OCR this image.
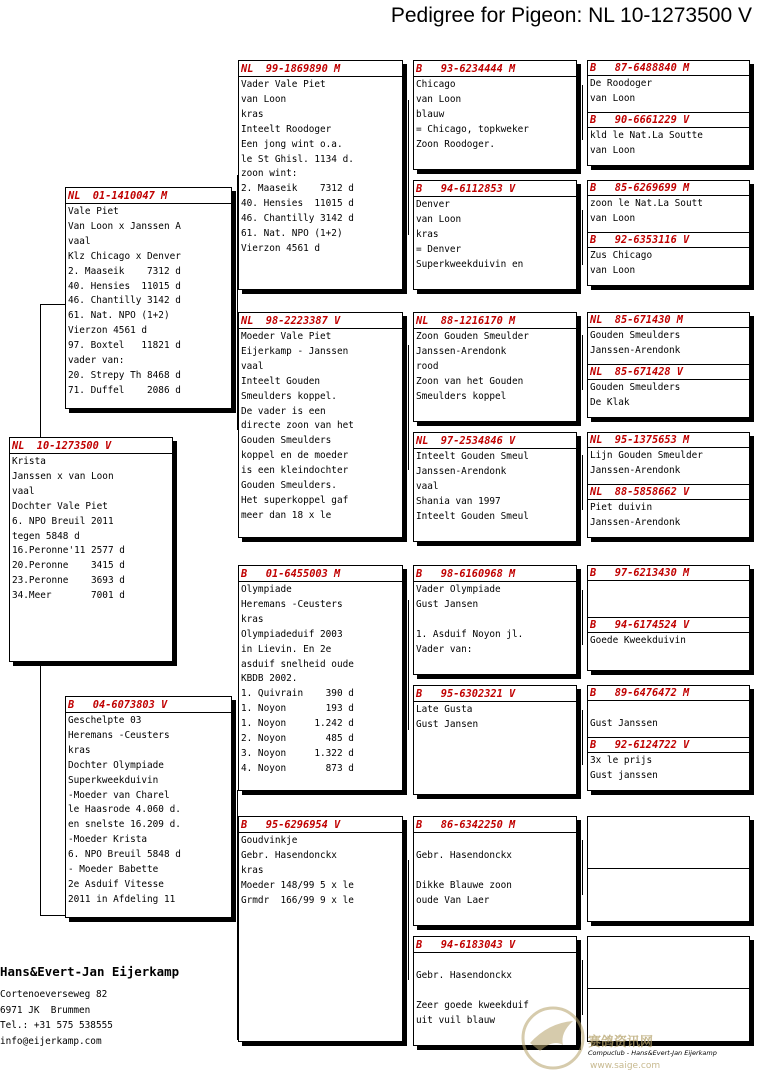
Pedigree for Pigeon: NL 10-1273500 V
NL  10-1273500 V
Krista
Janssen x van Loon
vaal
Dochter Vale Piet
6. NPO Breuil 2011
tegen 5848 d
16.Peronne'11 2577 d
20.Peronne    3415 d
23.Peronne    3693 d
34.Meer       7001 d
NL  01-1410047 M
Vale Piet
Van Loon x Janssen A
vaal
Klz Chicago x Denver
2. Maaseik    7312 d
40. Hensies  11015 d
46. Chantilly 3142 d
61. Nat. NPO (1+2)
Vierzon 4561 d
97. Boxtel   11821 d
vader van:
20. Strepy Th 8468 d
71. Duffel    2086 d
B   04-6073803 V
Geschelpte 03
Heremans -Ceusters
kras
Dochter Olympiade
Superkweekduivin
-Moeder van Charel
le Haasrode 4.060 d.
en snelste 16.209 d.
-Moeder Krista
6. NPO Breuil 5848 d
- Moeder Babette
2e Asduif Vitesse
2011 in Afdeling 11
NL  99-1869890 M
Vader Vale Piet
van Loon
kras
Inteelt Roodoger
Een jong wint o.a.
le St Ghisl. 1134 d.
zoon wint:
2. Maaseik    7312 d
40. Hensies  11015 d
46. Chantilly 3142 d
61. Nat. NPO (1+2)
Vierzon 4561 d
NL  98-2223387 V
Moeder Vale Piet
Eijerkamp - Janssen
vaal
Inteelt Gouden
Smeulders koppel.
De vader is een
directe zoon van het
Gouden Smeulders
koppel en de moeder
is een kleindochter
Gouden Smeulders.
Het superkoppel gaf
meer dan 18 x le
B   01-6455003 M
Olympiade
Heremans -Ceusters
kras
Olympiadeduif 2003
in Lievin. En 2e
asduif snelheid oude
KBDB 2002.
1. Quivrain    390 d
1. Noyon       193 d
1. Noyon     1.242 d
2. Noyon       485 d
3. Noyon     1.322 d
4. Noyon       873 d
B   95-6296954 V
Goudvinkje
Gebr. Hasendonckx
kras
Moeder 148/99 5 x le
Grmdr  166/99 9 x le
B   93-6234444 M
Chicago
van Loon
blauw
= Chicago, topkweker
Zoon Roodoger.
B   94-6112853 V
Denver
van Loon
kras
= Denver
Superkweekduivin en
NL  88-1216170 M
Zoon Gouden Smeulder
Janssen-Arendonk
rood
Zoon van het Gouden
Smeulders koppel
NL  97-2534846 V
Inteelt Gouden Smeul
Janssen-Arendonk
vaal
Shania van 1997
Inteelt Gouden Smeul
B   98-6160968 M
Vader Olympiade
Gust Jansen

1. Asduif Noyon jl.
Vader van:
B   95-6302321 V
Late Gusta
Gust Jansen
B   86-6342250 M

Gebr. Hasendonckx

Dikke Blauwe zoon
oude Van Laer
B   94-6183043 V

Gebr. Hasendonckx

Zeer goede kweekduif
uit vuil blauw
B   87-6488840 M
De Roodoger
van Loon
B   90-6661229 V
kld le Nat.La Soutte
van Loon
B   85-6269699 M
zoon le Nat.La Soutt
van Loon
B   92-6353116 V
Zus Chicago
van Loon
NL  85-671430 M
Gouden Smeulders
Janssen-Arendonk
NL  85-671428 V
Gouden Smeulders
De Klak
NL  95-1375653 M
Lijn Gouden Smeulder
Janssen-Arendonk
NL  88-5858662 V
Piet duivin
Janssen-Arendonk
B   97-6213430 M
B   94-6174524 V
Goede Kweekduivin
B   89-6476472 M

Gust Janssen
B   92-6124722 V
3x le prijs
Gust janssen
Hans&Evert-Jan Eijerkamp
Cortenoeverseweg 82
6971 JK  Brummen
Tel.: +31 575 538555
info@eijerkamp.com
Compuclub - Hans&Evert-Jan Eijerkamp
赛鸽资讯网
www.saige.com
